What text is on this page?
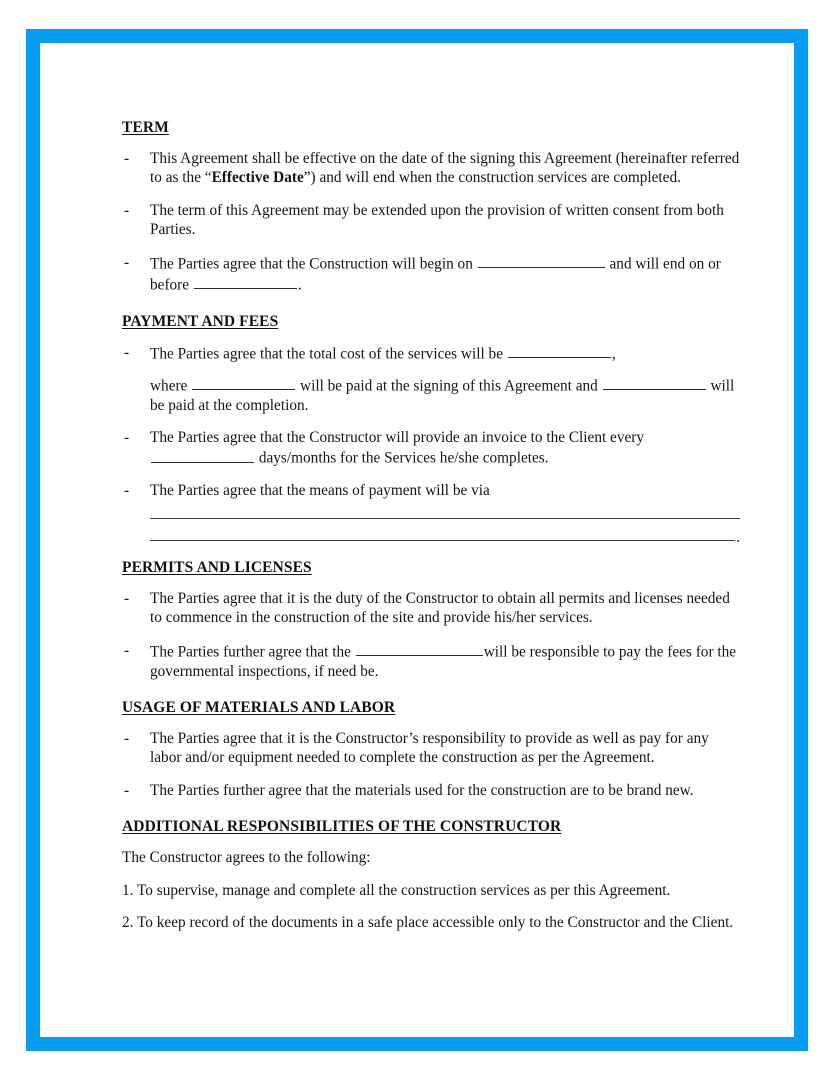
TERM
- This Agreement shall be effective on the date of the signing this Agreement (hereinafter referred to as the “Effective Date”) and will end when the construction services are completed.
- The term of this Agreement may be extended upon the provision of written consent from both Parties.
- The Parties agree that the Construction will begin on	and will end on or before	.
PAYMENT AND FEES
- The Parties agree that the total cost of the services will be	,
where	will be paid at the signing of this Agreement and	will be paid at the completion.
- The Parties agree that the Constructor will provide an invoice to the Client every  days/months for the Services he/she completes.
- The Parties agree that the means of payment will be via
.
PERMITS AND LICENSES
- The Parties agree that it is the duty of the Constructor to obtain all permits and licenses needed to commence in the construction of the site and provide his/her services.
- The Parties further agree that the	will be responsible to pay the fees for the governmental inspections, if need be.
USAGE OF MATERIALS AND LABOR
- The Parties agree that it is the Constructor’s responsibility to provide as well as pay for any labor and/or equipment needed to complete the construction as per the Agreement.
- The Parties further agree that the materials used for the construction are to be brand new.
ADDITIONAL RESPONSIBILITIES OF THE CONSTRUCTOR

The Constructor agrees to the following:

1. To supervise, manage and complete all the construction services as per this Agreement.

2. To keep record of the documents in a safe place accessible only to the Constructor and the Client.
